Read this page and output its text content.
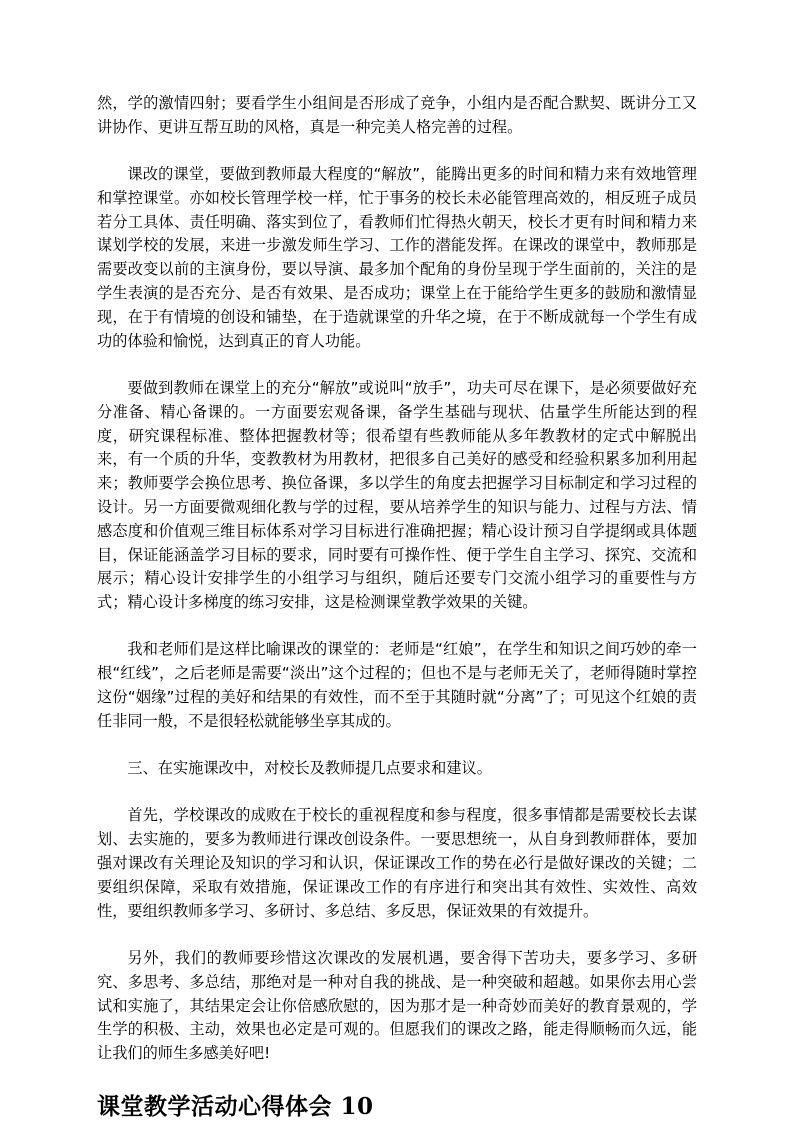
然，学的激情四射；要看学生小组间是否形成了竞争，小组内是否配合默契、既讲分工又讲协作、更讲互帮互助的风格，真是一种完美人格完善的过程。

课改的课堂，要做到教师最大程度的“解放”，能腾出更多的时间和精力来有效地管理和掌控课堂。亦如校长管理学校一样，忙于事务的校长未必能管理高效的，相反班子成员若分工具体、责任明确、落实到位了，看教师们忙得热火朝天，校长才更有时间和精力来谋划学校的发展，来进一步激发师生学习、工作的潜能发挥。在课改的课堂中，教师那是需要改变以前的主演身份，要以导演、最多加个配角的身份呈现于学生面前的，关注的是学生表演的是否充分、是否有效果、是否成功；课堂上在于能给学生更多的鼓励和激情显现，在于有情境的创设和铺垫，在于造就课堂的升华之境，在于不断成就每一个学生有成功的体验和愉悦，达到真正的育人功能。

要做到教师在课堂上的充分“解放”或说叫“放手”，功夫可尽在课下，是必须要做好充分准备、精心备课的。一方面要宏观备课，备学生基础与现状、估量学生所能达到的程度，研究课程标准、整体把握教材等；很希望有些教师能从多年教教材的定式中解脱出来，有一个质的升华，变教教材为用教材，把很多自己美好的感受和经验积累多加利用起来；教师要学会换位思考、换位备课，多以学生的角度去把握学习目标制定和学习过程的设计。另一方面要微观细化教与学的过程，要从培养学生的知识与能力、过程与方法、情感态度和价值观三维目标体系对学习目标进行准确把握；精心设计预习自学提纲或具体题目，保证能涵盖学习目标的要求，同时要有可操作性、便于学生自主学习、探究、交流和展示；精心设计安排学生的小组学习与组织，随后还要专门交流小组学习的重要性与方式；精心设计多梯度的练习安排，这是检测课堂教学效果的关键。

我和老师们是这样比喻课改的课堂的：老师是“红娘”，在学生和知识之间巧妙的牵一根“红线”，之后老师是需要“淡出”这个过程的；但也不是与老师无关了，老师得随时掌控这份“姻缘”过程的美好和结果的有效性，而不至于其随时就“分离”了；可见这个红娘的责任非同一般，不是很轻松就能够坐享其成的。

三、在实施课改中，对校长及教师提几点要求和建议。

首先，学校课改的成败在于校长的重视程度和参与程度，很多事情都是需要校长去谋划、去实施的，要多为教师进行课改创设条件。一要思想统一，从自身到教师群体，要加强对课改有关理论及知识的学习和认识，保证课改工作的势在必行是做好课改的关键；二要组织保障，采取有效措施，保证课改工作的有序进行和突出其有效性、实效性、高效性，要组织教师多学习、多研讨、多总结、多反思，保证效果的有效提升。

另外，我们的教师要珍惜这次课改的发展机遇，要舍得下苦功夫，要多学习、多研究、多思考、多总结，那绝对是一种对自我的挑战、是一种突破和超越。如果你去用心尝试和实施了，其结果定会让你倍感欣慰的，因为那才是一种奇妙而美好的教育景观的，学生学的积极、主动，效果也必定是可观的。但愿我们的课改之路，能走得顺畅而久远，能让我们的师生多感美好吧!

课堂教学活动心得体会 10
